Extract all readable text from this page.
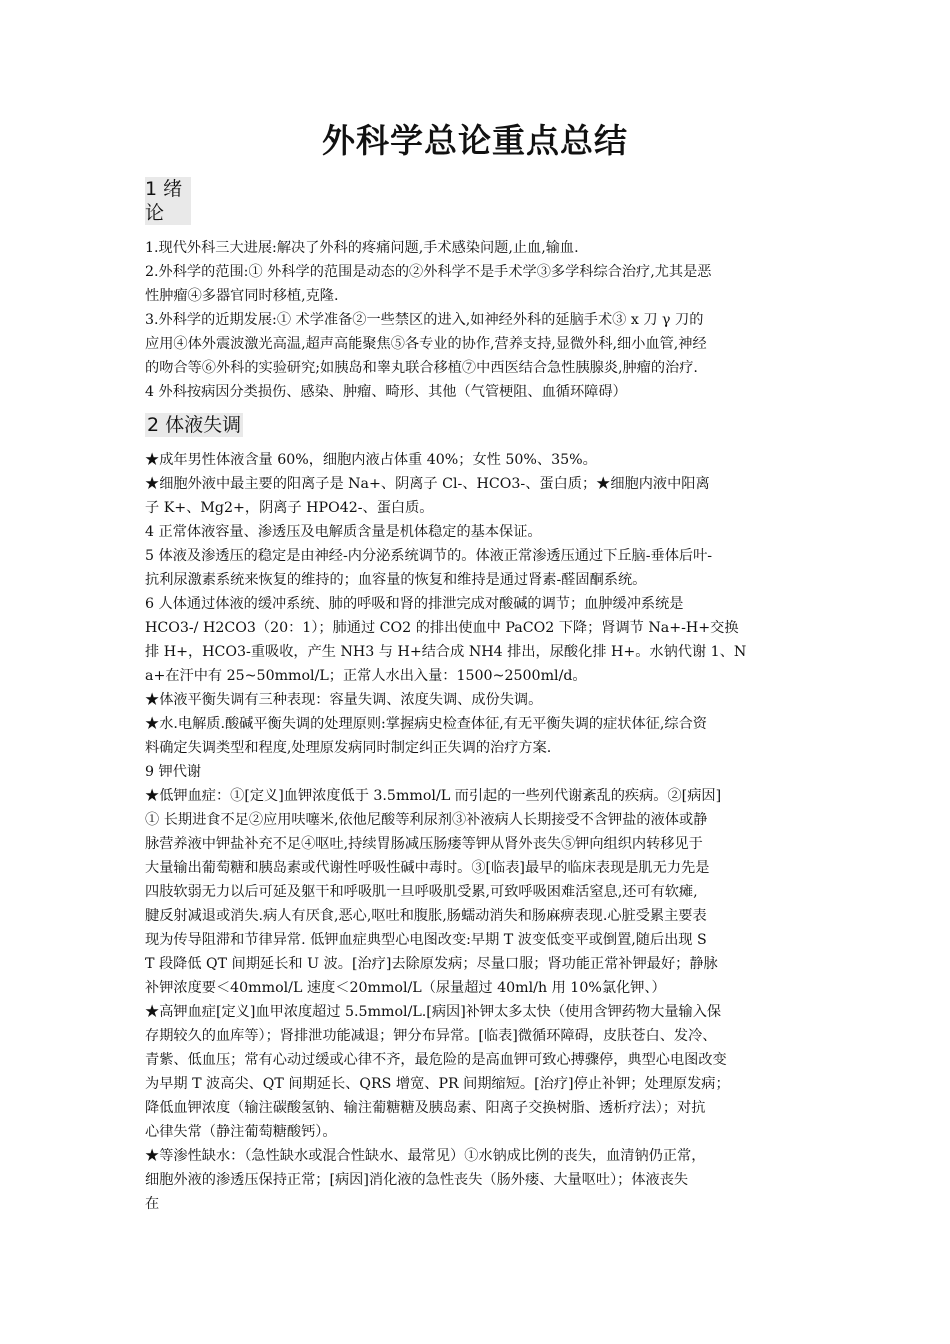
外科学总论重点总结
1 绪论
1.现代外科三大进展:解决了外科的疼痛问题,手术感染问题,止血,输血.
2.外科学的范围:① 外科学的范围是动态的②外科学不是手术学③多学科综合治疗,尤其是恶
性肿瘤④多器官同时移植,克隆.
3.外科学的近期发展:① 术学准备②一些禁区的进入,如神经外科的延脑手术③ x 刀 γ 刀的
应用④体外震波激光高温,超声高能聚焦⑤各专业的协作,营养支持,显微外科,细小血管,神经
的吻合等⑥外科的实验研究;如胰岛和睾丸联合移植⑦中西医结合急性胰腺炎,肿瘤的治疗.
4 外科按病因分类损伤、感染、肿瘤、畸形、其他（气管梗阻、血循环障碍）
2 体液失调
★成年男性体液含量 60%，细胞内液占体重 40%；女性 50%、35%。
★细胞外液中最主要的阳离子是 Na+、阴离子 Cl-、HCO3-、蛋白质；★细胞内液中阳离
子 K+、Mg2+，阴离子 HPO42-、蛋白质。
4 正常体液容量、渗透压及电解质含量是机体稳定的基本保证。
5 体液及渗透压的稳定是由神经-内分泌系统调节的。体液正常渗透压通过下丘脑-垂体后叶-
抗利尿激素系统来恢复的维持的；血容量的恢复和维持是通过肾素-醛固酮系统。
6 人体通过体液的缓冲系统、肺的呼吸和肾的排泄完成对酸碱的调节；血肿缓冲系统是
HCO3-/ H2CO3（20：1）；肺通过 CO2 的排出使血中 PaCO2 下降；肾调节 Na+-H+交换
排 H+，HCO3-重吸收，产生 NH3 与 H+结合成 NH4 排出，尿酸化排 H+。水钠代谢 1、N
a+在汗中有 25~50mmol/L；正常人水出入量：1500~2500ml/d。
★体液平衡失调有三种表现：容量失调、浓度失调、成份失调。
★水.电解质.酸碱平衡失调的处理原则:掌握病史检查体征,有无平衡失调的症状体征,综合资
料确定失调类型和程度,处理原发病同时制定纠正失调的治疗方案.
9 钾代谢
★低钾血症：①[定义]血钾浓度低于 3.5mmol/L 而引起的一些列代谢紊乱的疾病。②[病因]
① 长期进食不足②应用呋噻米,依他尼酸等利尿剂③补液病人长期接受不含钾盐的液体或静
脉营养液中钾盐补充不足④呕吐,持续胃肠减压肠瘘等钾从肾外丧失⑤钾向组织内转移见于
大量输出葡萄糖和胰岛素或代谢性呼吸性碱中毒时。③[临表]最早的临床表现是肌无力先是
四肢软弱无力以后可延及躯干和呼吸肌一旦呼吸肌受累,可致呼吸困难活窒息,还可有软瘫,
腱反射减退或消失.病人有厌食,恶心,呕吐和腹胀,肠蠕动消失和肠麻痹表现.心脏受累主要表
现为传导阻滞和节律异常. 低钾血症典型心电图改变:早期 T 波变低变平或倒置,随后出现 S
T 段降低 QT 间期延长和 U 波。[治疗]去除原发病；尽量口服；肾功能正常补钾最好；静脉
补钾浓度要＜40mmol/L 速度＜20mmol/L（尿量超过 40ml/h 用 10%氯化钾、）
★高钾血症[定义]血甲浓度超过 5.5mmol/L.[病因]补钾太多太快（使用含钾药物大量输入保
存期较久的血库等）；肾排泄功能减退；钾分布异常。[临表]微循环障碍，皮肤苍白、发冷、
青紫、低血压；常有心动过缓或心律不齐，最危险的是高血钾可致心搏骤停，典型心电图改变
为早期 T 波高尖、QT 间期延长、QRS 增宽、PR 间期缩短。[治疗]停止补钾；处理原发病；
降低血钾浓度（输注碳酸氢钠、输注葡糖糖及胰岛素、阳离子交换树脂、透析疗法）；对抗
心律失常（静注葡萄糖酸钙）。
★等渗性缺水：（急性缺水或混合性缺水、最常见）①水钠成比例的丧失，血清钠仍正常，
细胞外液的渗透压保持正常；[病因]消化液的急性丧失（肠外瘘、大量呕吐）；体液丧失
在
